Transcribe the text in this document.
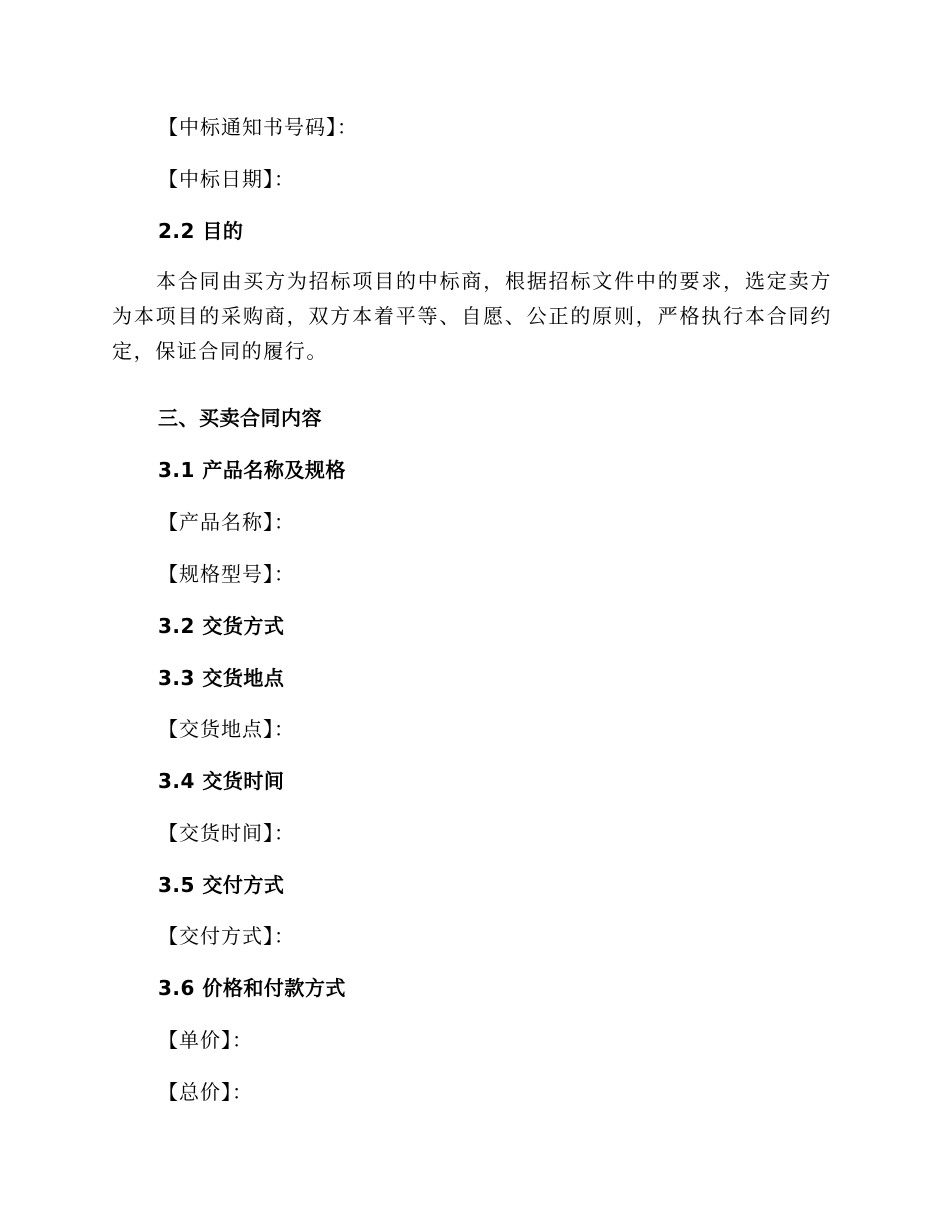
【中标通知书号码】：
【中标日期】：
2.2 目的
本合同由买方为招标项目的中标商，根据招标文件中的要求，选定卖方为本项目的采购商，双方本着平等、自愿、公正的原则，严格执行本合同约定，保证合同的履行。
三、买卖合同内容
3.1 产品名称及规格
【产品名称】：
【规格型号】：
3.2 交货方式
3.3 交货地点
【交货地点】：
3.4 交货时间
【交货时间】：
3.5 交付方式
【交付方式】：
3.6 价格和付款方式
【单价】：
【总价】：
